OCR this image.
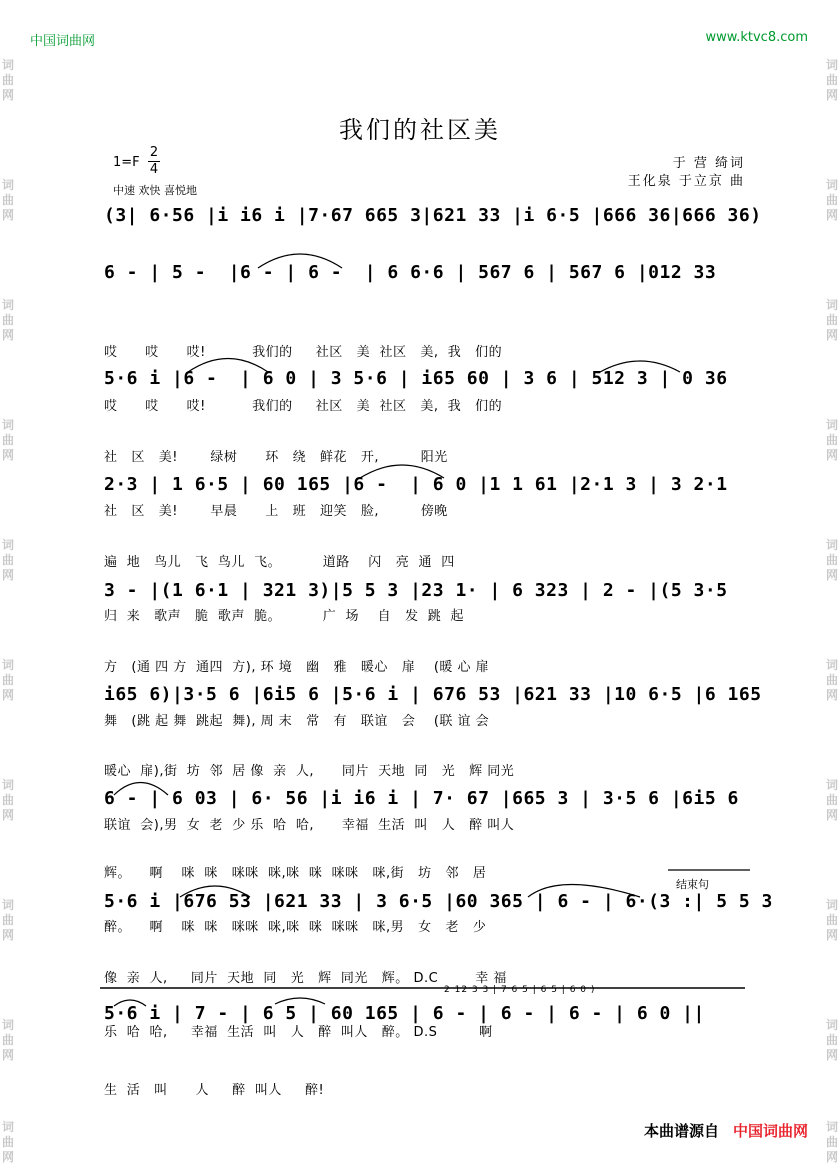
词
曲
网
词
曲
网
词
曲
网
词
曲
网
词
曲
网
词
曲
网
词
曲
网
词
曲
网
词
曲
网
词
曲
网
词
曲
网
词
曲
网
词
曲
网
词
曲
网
词
曲
网
词
曲
网
词
曲
网
词
曲
网
词
曲
网
词
曲
网
中国词曲网	www.ktvc8.com
我们的社区美
1=F
2
4
中速 欢快 喜悦地
于 营 绮词
王化泉 于立京 曲
(3| 6·56 |i i6 i |7·67 665 3|621 33 |i 6·5 |666 36|666 36)
6 - | 5 -  |6 - | 6 -  | 6 6·6 | 567 6 | 567 6 |012 33

哎      哎      哎!          我们的     社区   美  社区   美,  我   们的

哎      哎      哎!          我们的     社区   美  社区   美,  我   们的

5·6 i |6 -  | 6 0 | 3 5·6 | i65 60 | 3 6 | 512 3 | 0 36

社   区   美!       绿树      环   绕   鲜花   开,         阳光

社   区   美!       早晨      上   班   迎笑   脸,         傍晚

2·3 | 1 6·5 | 60 165 |6 -  | 6 0 |1 1 61 |2·1 3 | 3 2·1

遍  地   鸟儿   飞  鸟儿  飞。         道路    闪   亮  通  四

归  来   歌声   脆  歌声  脆。         广  场    自   发  跳  起

3 - |(1 6·1 | 321 3)|5 5 3 |23 1· | 6 323 | 2 - |(5 3·5

方   (通 四 方  通四  方), 环 境   幽   雅   暖心   扉    (暖 心 扉

舞   (跳 起 舞  跳起  舞), 周 末   常   有   联谊   会    (联 谊 会

i65 6)|3·5 6 |6i5 6 |5·6 i | 676 53 |621 33 |10 6·5 |6 165

暖心  扉),街  坊  邻  居 像  亲  人,      同片  天地  同   光   辉 同光

联谊  会),男  女  老  少 乐  哈  哈,      幸福  生活  叫   人   醉 叫人

6 - | 6 03 | 6· 56 |i i6 i | 7· 67 |665 3 | 3·5 6 |6i5 6

辉。    啊    咪  咪   咪咪  咪,咪  咪  咪咪   咪,街   坊   邻   居

醉。    啊    咪  咪   咪咪  咪,咪  咪  咪咪   咪,男   女   老   少

结束句
5·6 i |676 53 |621 33 | 3 6·5 |60 365 | 6 - | 6·(3 :| 5 5 3

像  亲  人,     同片  天地  同   光   辉  同光   辉。 D.C        幸 福

乐  哈  哈,     幸福  生活  叫   人   醉  叫人   醉。 D.S         啊

2 12 3 3 | 7 6 5 | 6 5 | 6 0 )
5·6 i | 7 - | 6 5 | 60 165 | 6 - | 6 - | 6 - | 6 0 ||

生  活   叫      人     醉  叫人     醉!

本曲谱源自 中国词曲网
